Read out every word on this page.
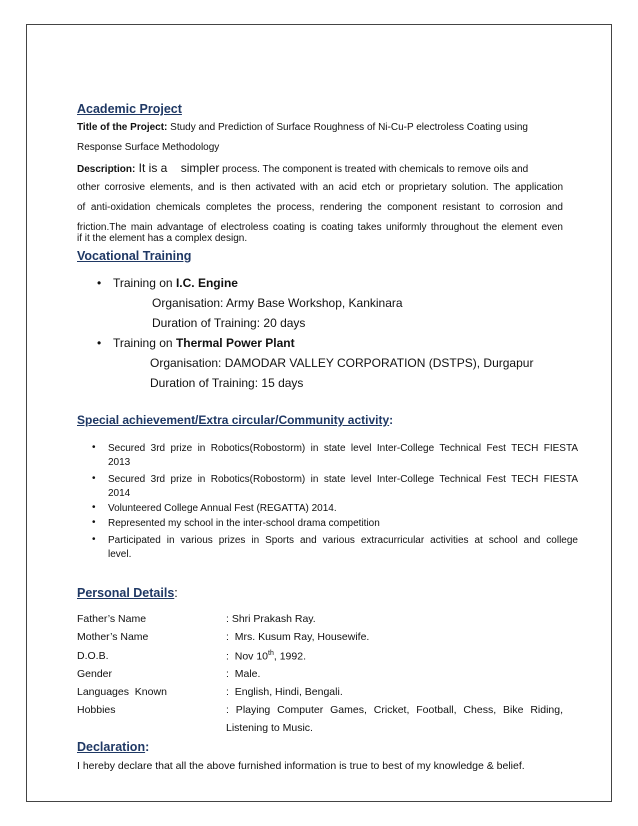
Academic Project
Title of the Project: Study and Prediction of Surface Roughness of Ni-Cu-P electroless Coating using
Response Surface Methodology
Description: It is a    simpler process. The component is treated with chemicals to remove oils and
other corrosive elements, and is then activated with an acid etch or proprietary solution. The application
of anti-oxidation chemicals completes the process, rendering the component resistant to corrosion and
friction.The main advantage of electroless coating is coating takes uniformly throughout the element even
if it the element has a complex design.
Vocational Training
• Training on I.C. Engine
Organisation: Army Base Workshop, Kankinara
Duration of Training: 20 days
• Training on Thermal Power Plant
Organisation: DAMODAR VALLEY CORPORATION (DSTPS), Durgapur
Duration of Training: 15 days
Special achievement/Extra circular/Community activity:
• Secured 3rd prize in Robotics(Robostorm) in state level Inter-College Technical Fest TECH FIESTA
2013
• Secured 3rd prize in Robotics(Robostorm) in state level Inter-College Technical Fest TECH FIESTA
2014
• Volunteered College Annual Fest (REGATTA) 2014.
• Represented my school in the inter-school drama competition
• Participated in various prizes in Sports and various extracurricular activities at school and college
level.
Personal Details:
Father’s Name	: Shri Prakash Ray.
Mother’s Name	:  Mrs. Kusum Ray, Housewife.
D.O.B.	:  Nov 10th, 1992.
Gender	:  Male.
Languages  Known	:  English, Hindi, Bengali.
Hobbies	: Playing Computer Games, Cricket, Football, Chess, Bike Riding,
Listening to Music.
Declaration:
I hereby declare that all the above furnished information is true to best of my knowledge & belief.
